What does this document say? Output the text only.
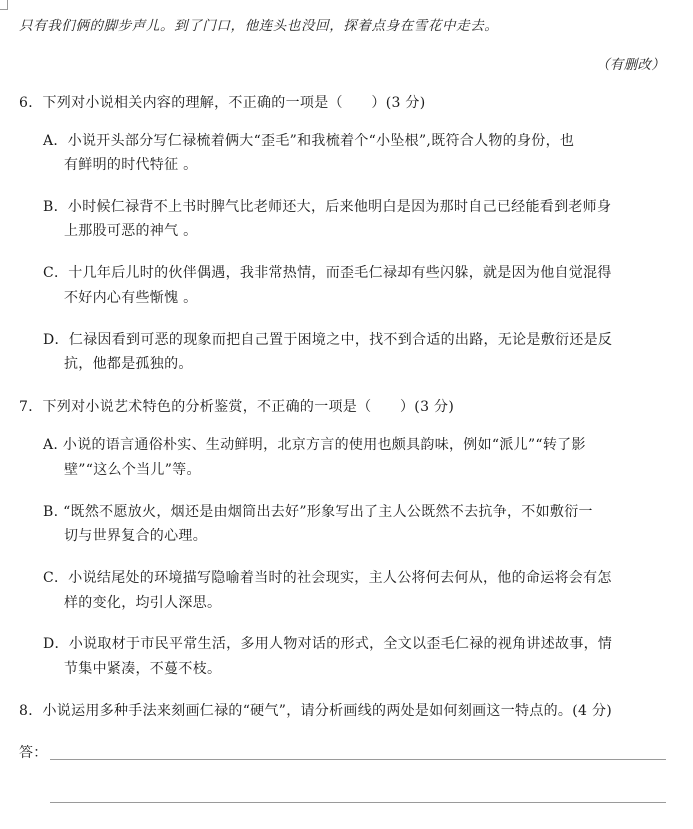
只有我们俩的脚步声儿。到了门口，他连头也没回，探着点身在雪花中走去。
（有删改）
6．下列对小说相关内容的理解，不正确的一项是（　　）(3 分)
A．小说开头部分写仁禄梳着俩大“歪毛”和我梳着个“小坠根”,既符合人物的身份，也
有鲜明的时代特征 。
B．小时候仁禄背不上书时脾气比老师还大，后来他明白是因为那时自己已经能看到老师身
上那股可恶的神气 。
C．十几年后儿时的伙伴偶遇，我非常热情，而歪毛仁禄却有些闪躲，就是因为他自觉混得
不好内心有些惭愧 。
D．仁禄因看到可恶的现象而把自己置于困境之中，找不到合适的出路，无论是敷衍还是反
抗，他都是孤独的。
7．下列对小说艺术特色的分析鉴赏，不正确的一项是（　　）(3 分)
A. 小说的语言通俗朴实、生动鲜明，北京方言的使用也颇具韵味，例如“派儿”“转了影
壁”“这么个当儿”等。
B. “既然不愿放火，烟还是由烟筒出去好”形象写出了主人公既然不去抗争，不如敷衍一
切与世界复合的心理。
C．小说结尾处的环境描写隐喻着当时的社会现实，主人公将何去何从，他的命运将会有怎
样的变化，均引人深思。
D．小说取材于市民平常生活，多用人物对话的形式，全文以歪毛仁禄的视角讲述故事，情
节集中紧凑，不蔓不枝。
8．小说运用多种手法来刻画仁禄的“硬气”，请分析画线的两处是如何刻画这一特点的。(4 分)
答：
